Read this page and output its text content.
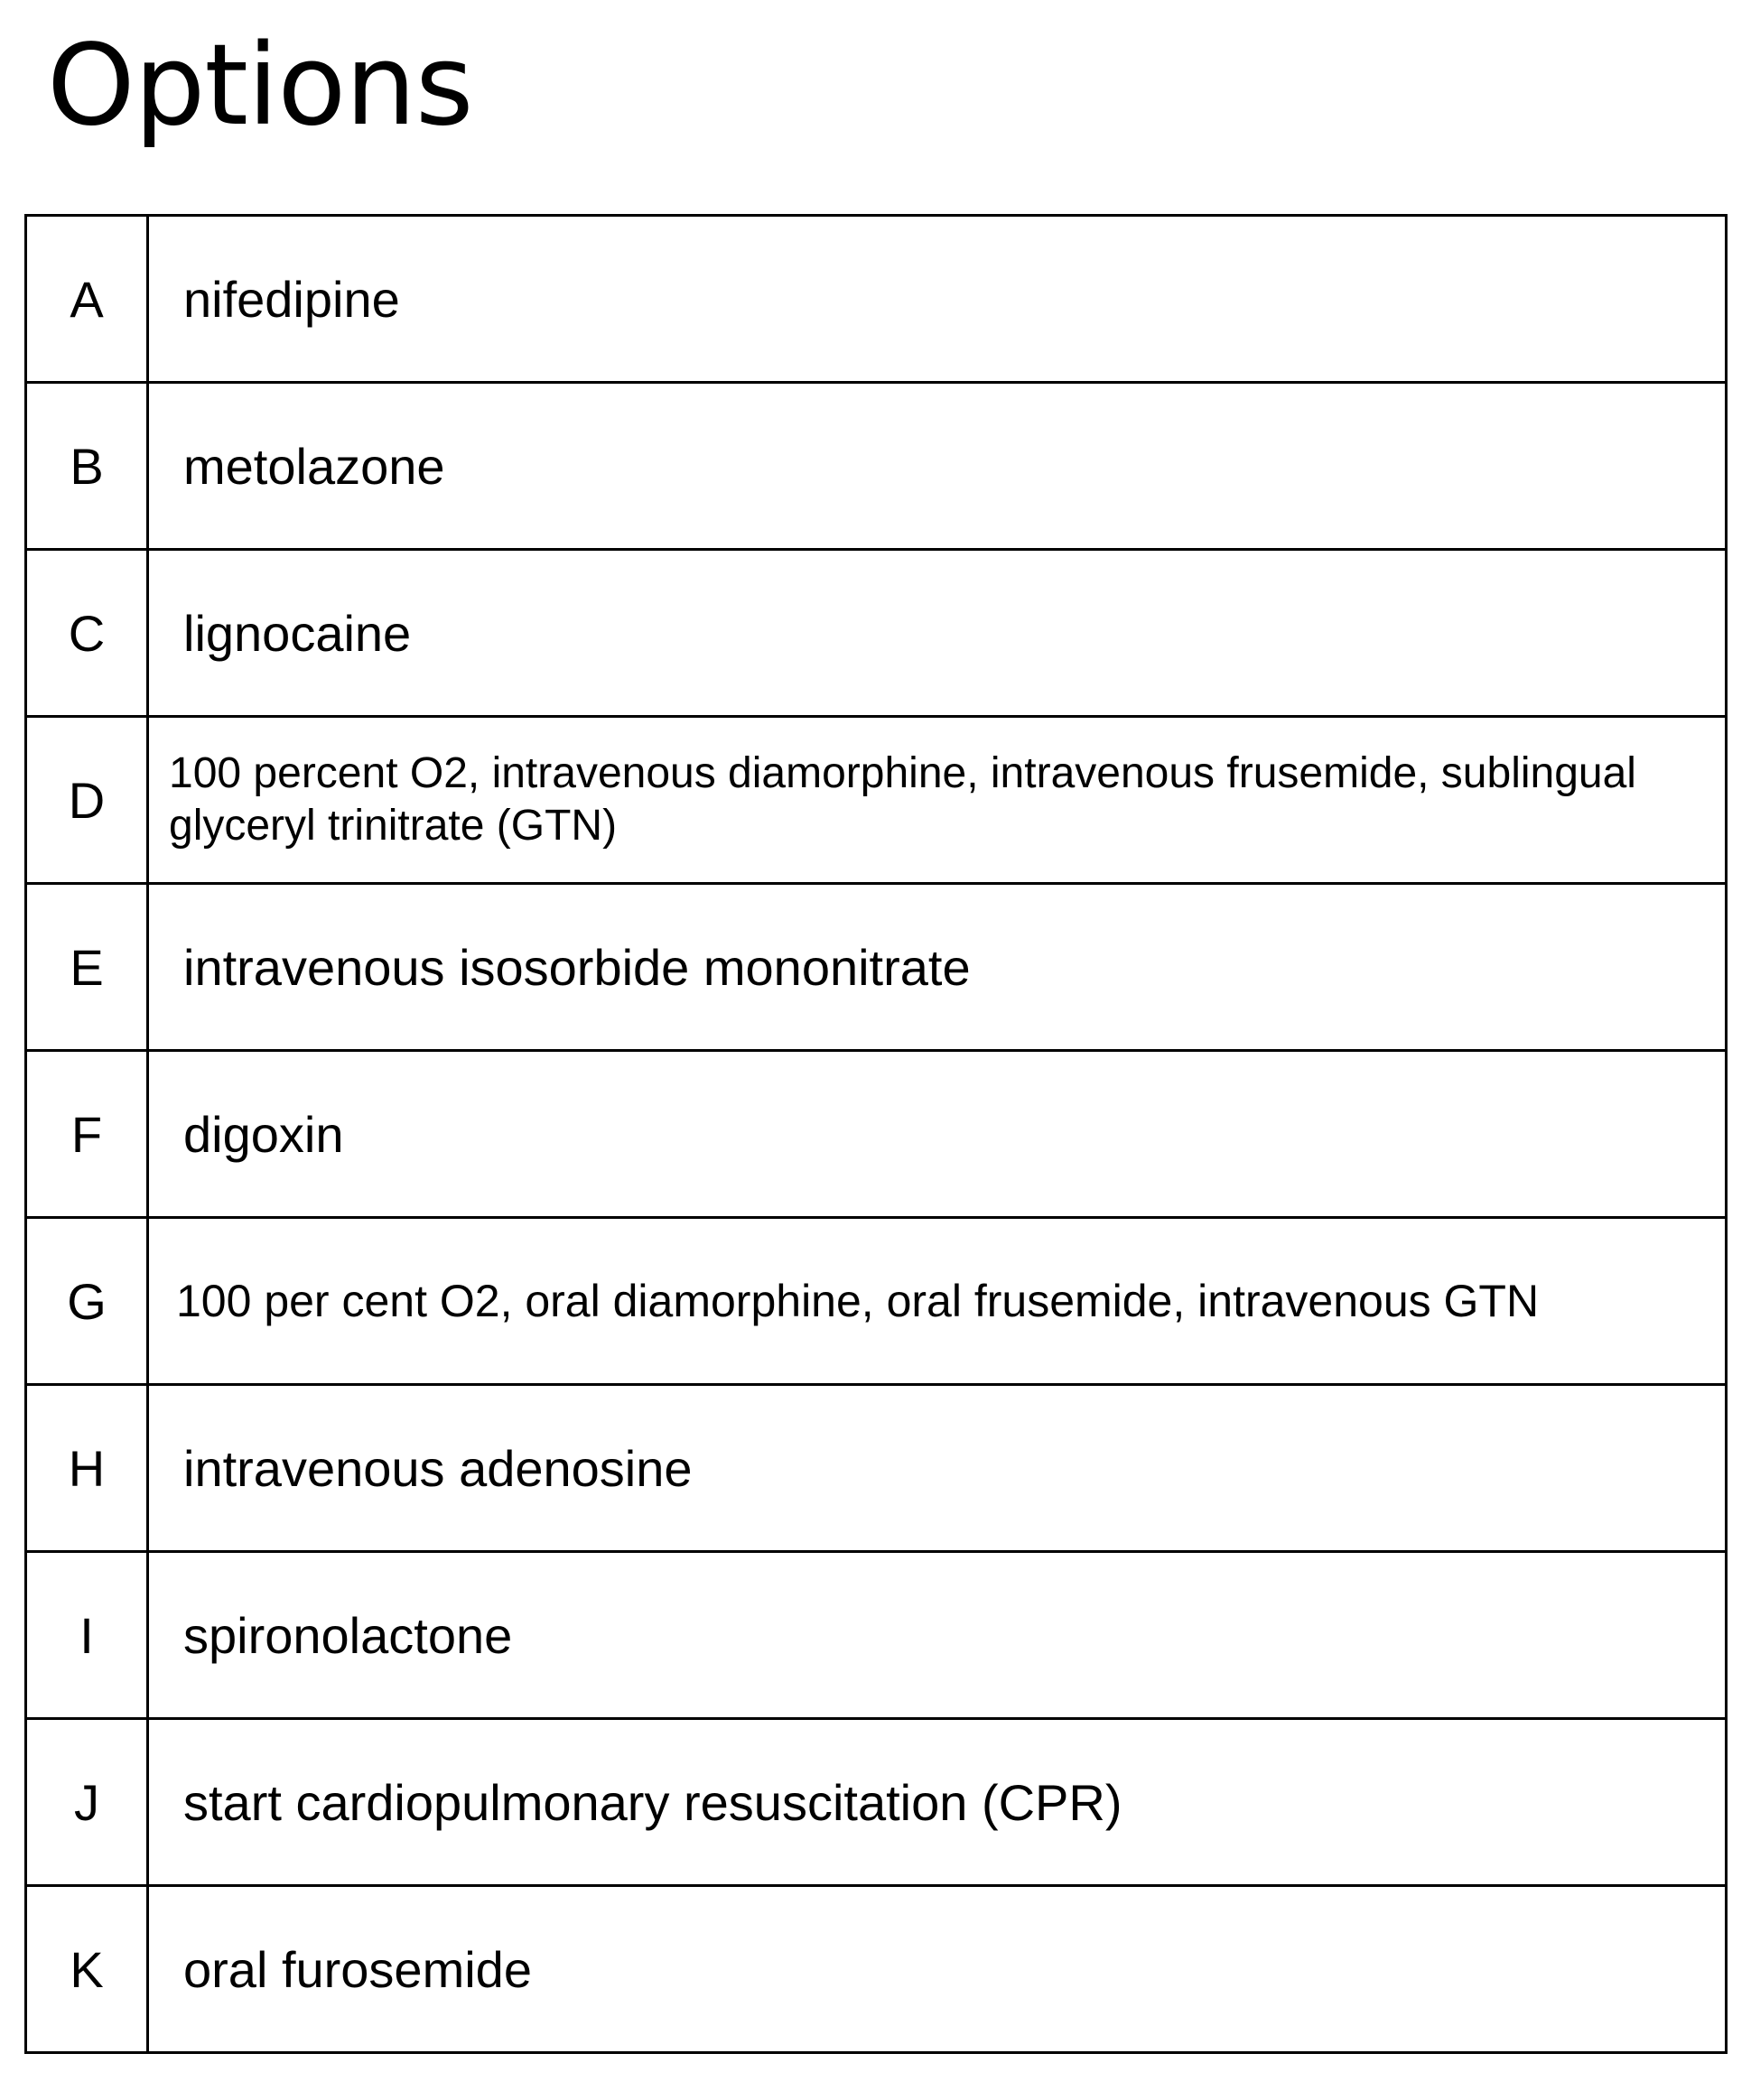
Options
A	nifedipine
B	metolazone
C	lignocaine
D	100 percent O2, intravenous diamorphine, intravenous frusemide, sublingual glyceryl trinitrate (GTN)
E	intravenous isosorbide mononitrate
F	digoxin
G	100 per cent O2, oral diamorphine, oral frusemide, intravenous GTN
H	intravenous adenosine
I	spironolactone
J	start cardiopulmonary resuscitation (CPR)
K	oral furosemide
